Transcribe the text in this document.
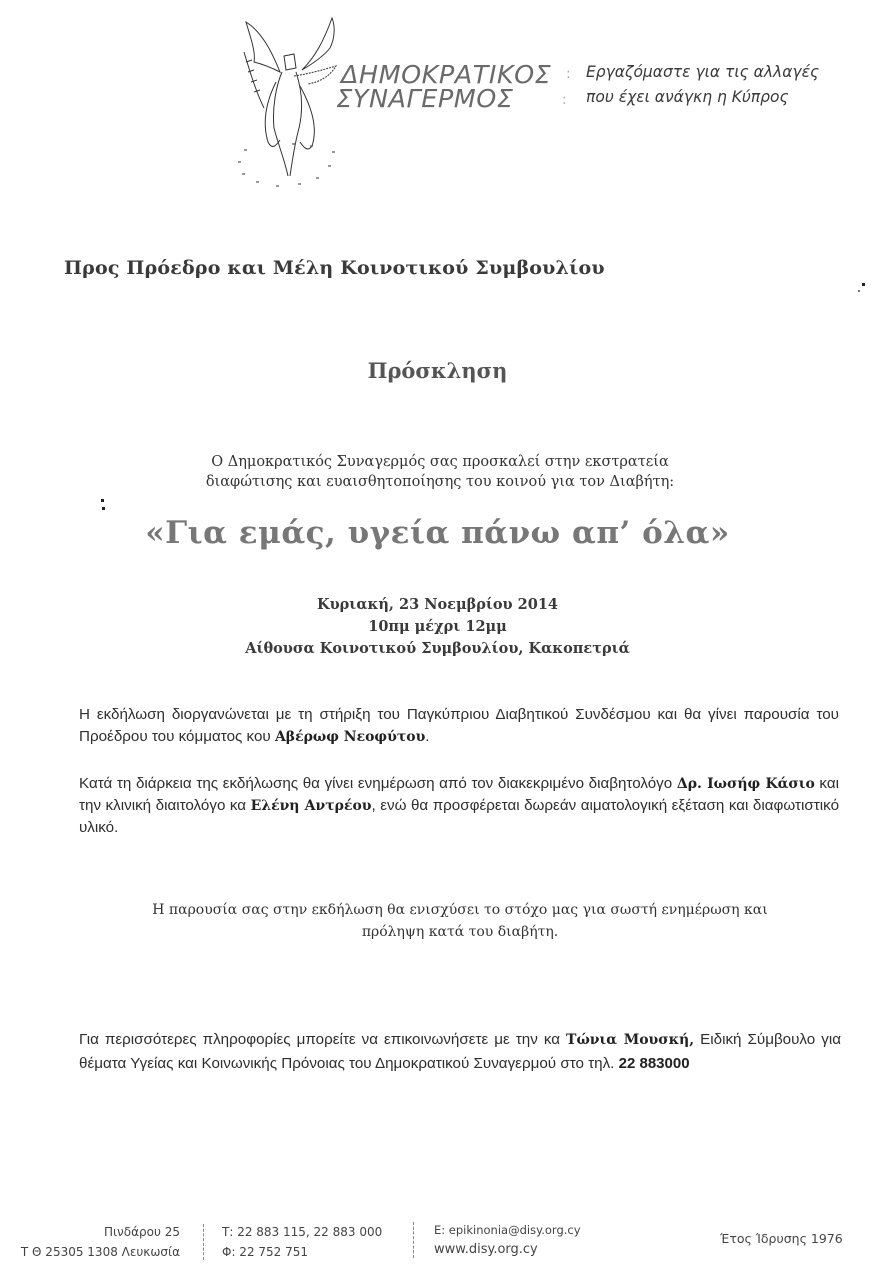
ΔΗΜΟΚΡΑΤΙΚΟΣ
ΣΥΝΑΓΕΡΜΟΣ
:
:
Εργαζόμαστε για τις αλλαγές
που έχει ανάγκη η Κύπρος
Προς Πρόεδρο και Μέλη Κοινοτικού Συμβουλίου
Πρόσκληση
Ο Δημοκρατικός Συναγερμός σας προσκαλεί στην εκστρατεία
διαφώτισης και ευαισθητοποίησης του κοινού για τον Διαβήτη:
«Για εμάς, υγεία πάνω απ’ όλα»
Κυριακή, 23 Νοεμβρίου 2014
10πμ μέχρι 12μμ
Αίθουσα Κοινοτικού Συμβουλίου, Κακοπετριά
Η εκδήλωση διοργανώνεται με τη στήριξη του Παγκύπριου Διαβητικού Συνδέσμου και θα γίνει παρουσία του Προέδρου του κόμματος κου Αβέρωφ Νεοφύτου.
Κατά τη διάρκεια της εκδήλωσης θα γίνει ενημέρωση από τον διακεκριμένο διαβητολόγο Δρ. Ιωσήφ Κάσιο και την κλινική διαιτολόγο κα Ελένη Αντρέου, ενώ θα προσφέρεται δωρεάν αιματολογική εξέταση και διαφωτιστικό υλικό.
Η παρουσία σας στην εκδήλωση θα ενισχύσει το στόχο μας για σωστή ενημέρωση και
πρόληψη κατά του διαβήτη.
Για περισσότερες πληροφορίες μπορείτε να επικοινωνήσετε με την κα Τώνια Μουσκή, Ειδική Σύμβουλο για θέματα Υγείας και Κοινωνικής Πρόνοιας του Δημοκρατικού Συναγερμού στο τηλ. 22 883000
Πινδάρου 25
Τ Θ 25305 1308 Λευκωσία
Τ: 22 883 115, 22 883 000
Φ: 22 752 751
Ε: epikinonia@disy.org.cy
www.disy.org.cy
Έτος Ίδρυσης 1976
